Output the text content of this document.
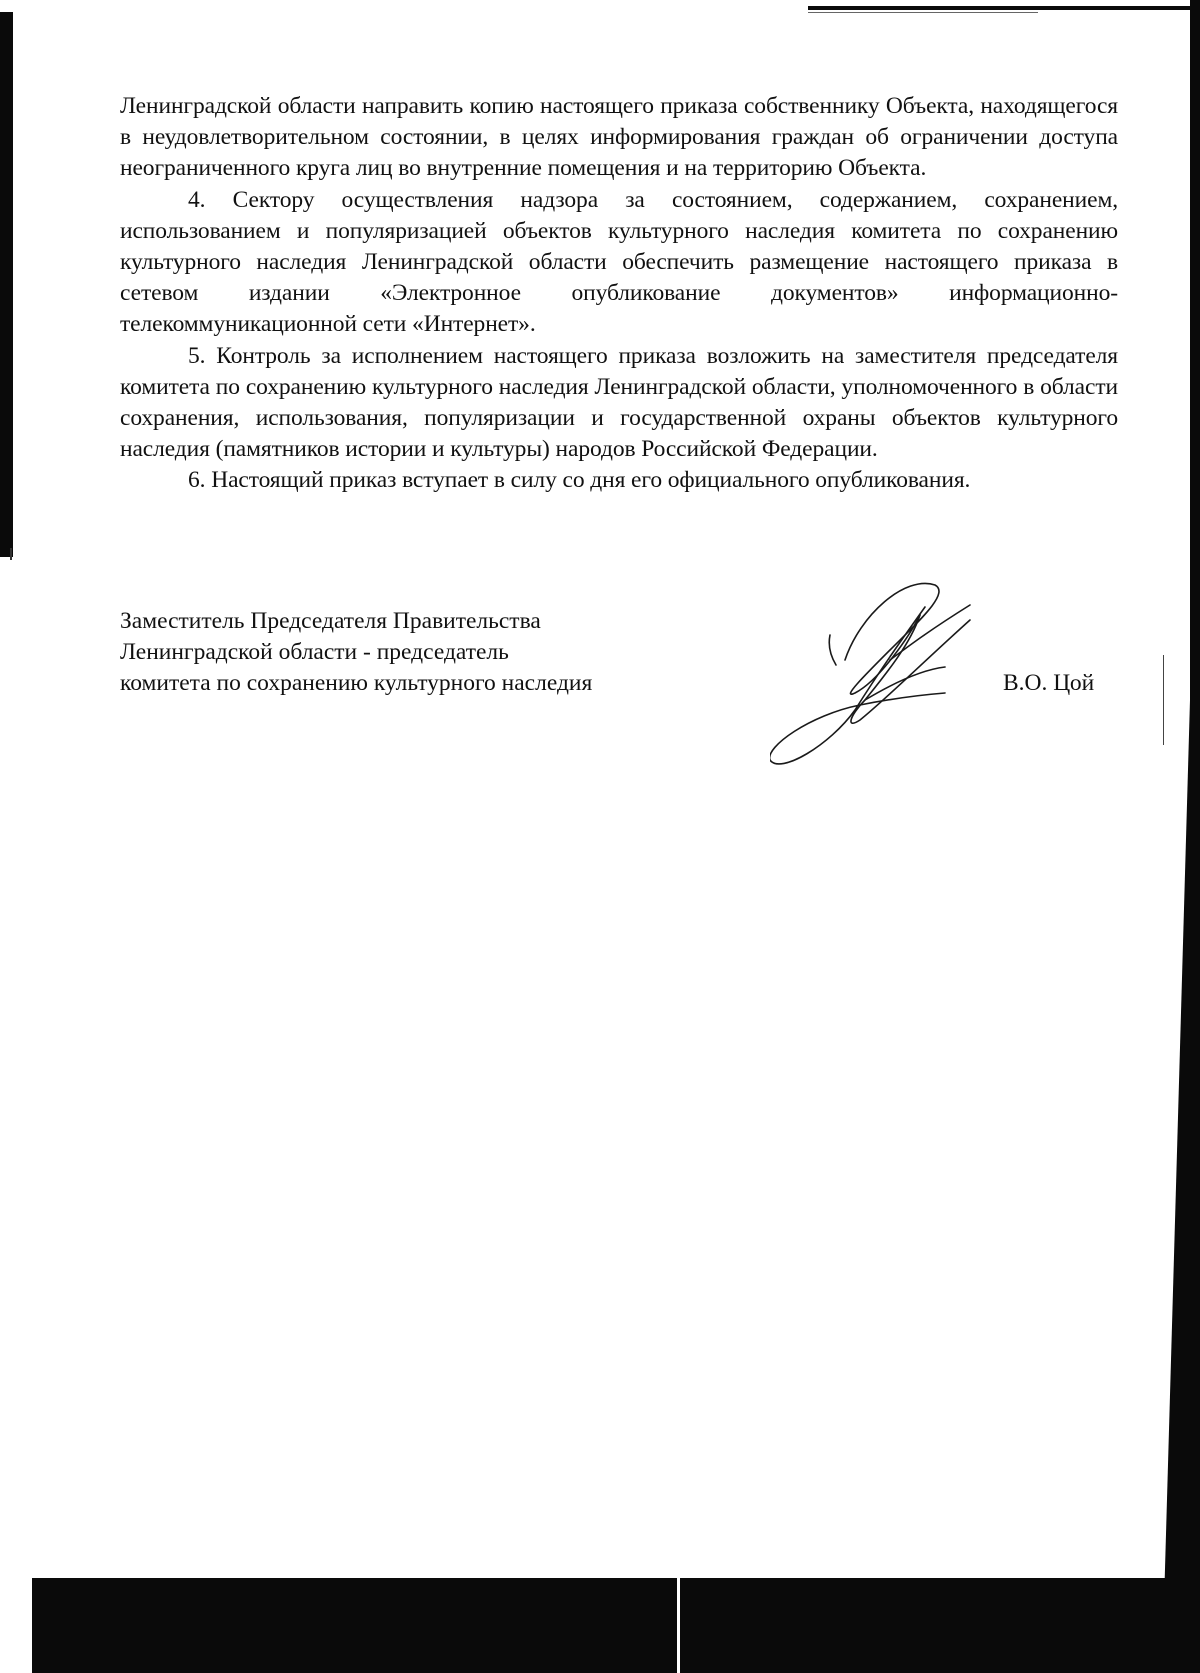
Ленинградской области направить копию настоящего приказа собственнику Объекта, находящегося в неудовлетворительном состоянии, в целях информирования граждан об ограничении доступа неограниченного круга лиц во внутренние помещения и на территорию Объекта.

4. Сектору осуществления надзора за состоянием, содержанием, сохранением, использованием и популяризацией объектов культурного наследия комитета по сохранению культурного наследия Ленинградской области обеспечить размещение настоящего приказа в сетевом издании «Электронное опубликование документов» информационно-телекоммуникационной сети «Интернет».

5. Контроль за исполнением настоящего приказа возложить на заместителя председателя комитета по сохранению культурного наследия Ленинградской области, уполномоченного в области сохранения, использования, популяризации и государственной охраны объектов культурного наследия (памятников истории и культуры) народов Российской Федерации.

6. Настоящий приказ вступает в силу со дня его официального опубликования.

Заместитель Председателя Правительства
Ленинградской области - председатель
комитета по сохранению культурного наследия	В.О. Цой
